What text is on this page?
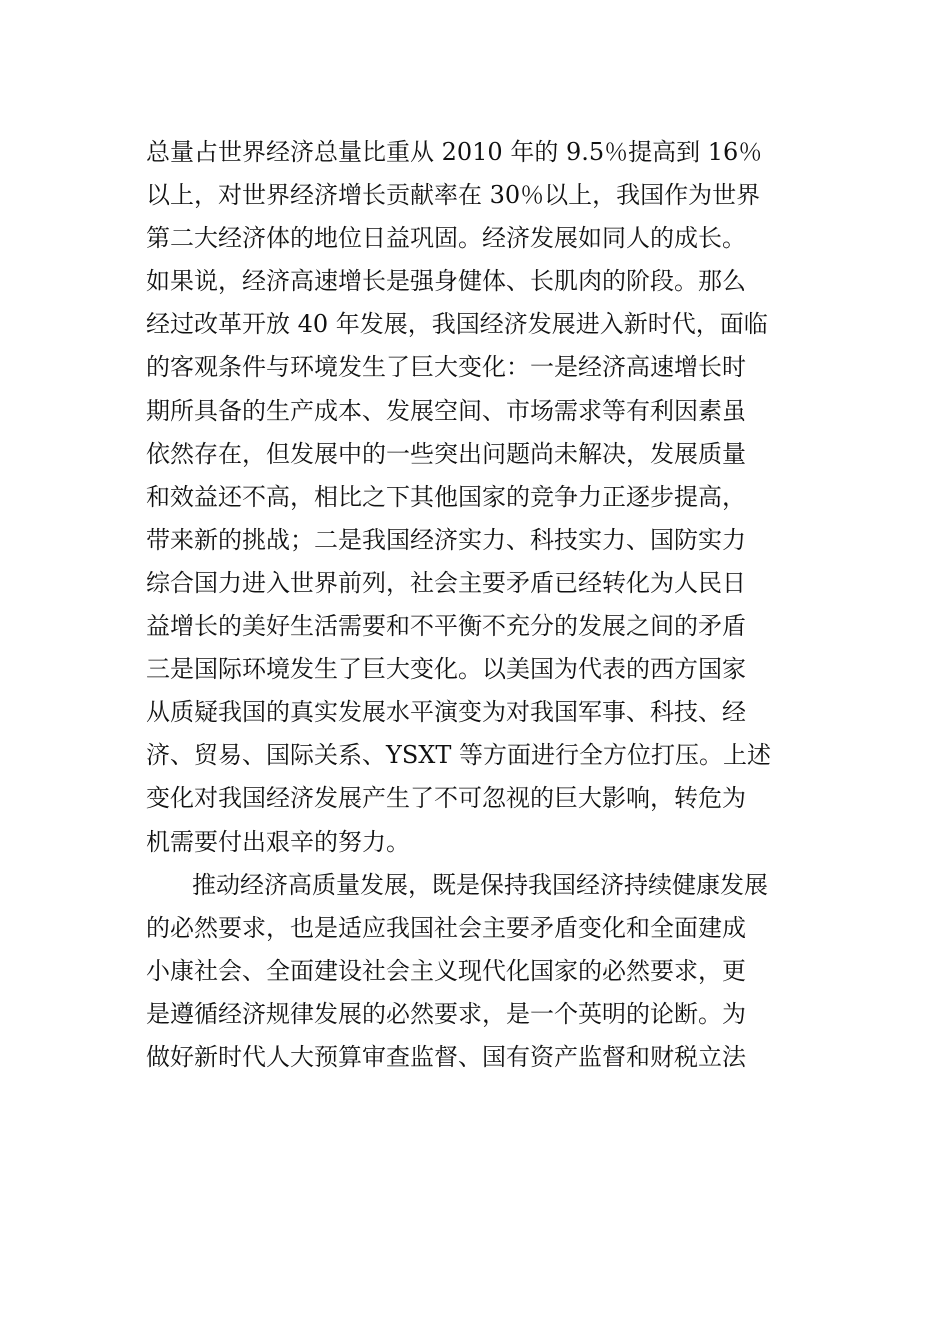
总量占世界经济总量比重从 2010 年的 9.5％提高到 16％
以上，对世界经济增长贡献率在 30％以上，我国作为世界
第二大经济体的地位日益巩固。经济发展如同人的成长。
如果说，经济高速增长是强身健体、长肌肉的阶段。那么
经过改革开放 40 年发展，我国经济发展进入新时代，面临
的客观条件与环境发生了巨大变化：一是经济高速增长时
期所具备的生产成本、发展空间、市场需求等有利因素虽
依然存在，但发展中的一些突出问题尚未解决，发展质量
和效益还不高，相比之下其他国家的竞争力正逐步提高，
带来新的挑战；二是我国经济实力、科技实力、国防实力
综合国力进入世界前列，社会主要矛盾已经转化为人民日
益增长的美好生活需要和不平衡不充分的发展之间的矛盾
三是国际环境发生了巨大变化。以美国为代表的西方国家
从质疑我国的真实发展水平演变为对我国军事、科技、经
济、贸易、国际关系、YSXT 等方面进行全方位打压。上述
变化对我国经济发展产生了不可忽视的巨大影响，转危为
机需要付出艰辛的努力。
推动经济高质量发展，既是保持我国经济持续健康发展
的必然要求，也是适应我国社会主要矛盾变化和全面建成
小康社会、全面建设社会主义现代化国家的必然要求，更
是遵循经济规律发展的必然要求，是一个英明的论断。为
做好新时代人大预算审查监督、国有资产监督和财税立法
